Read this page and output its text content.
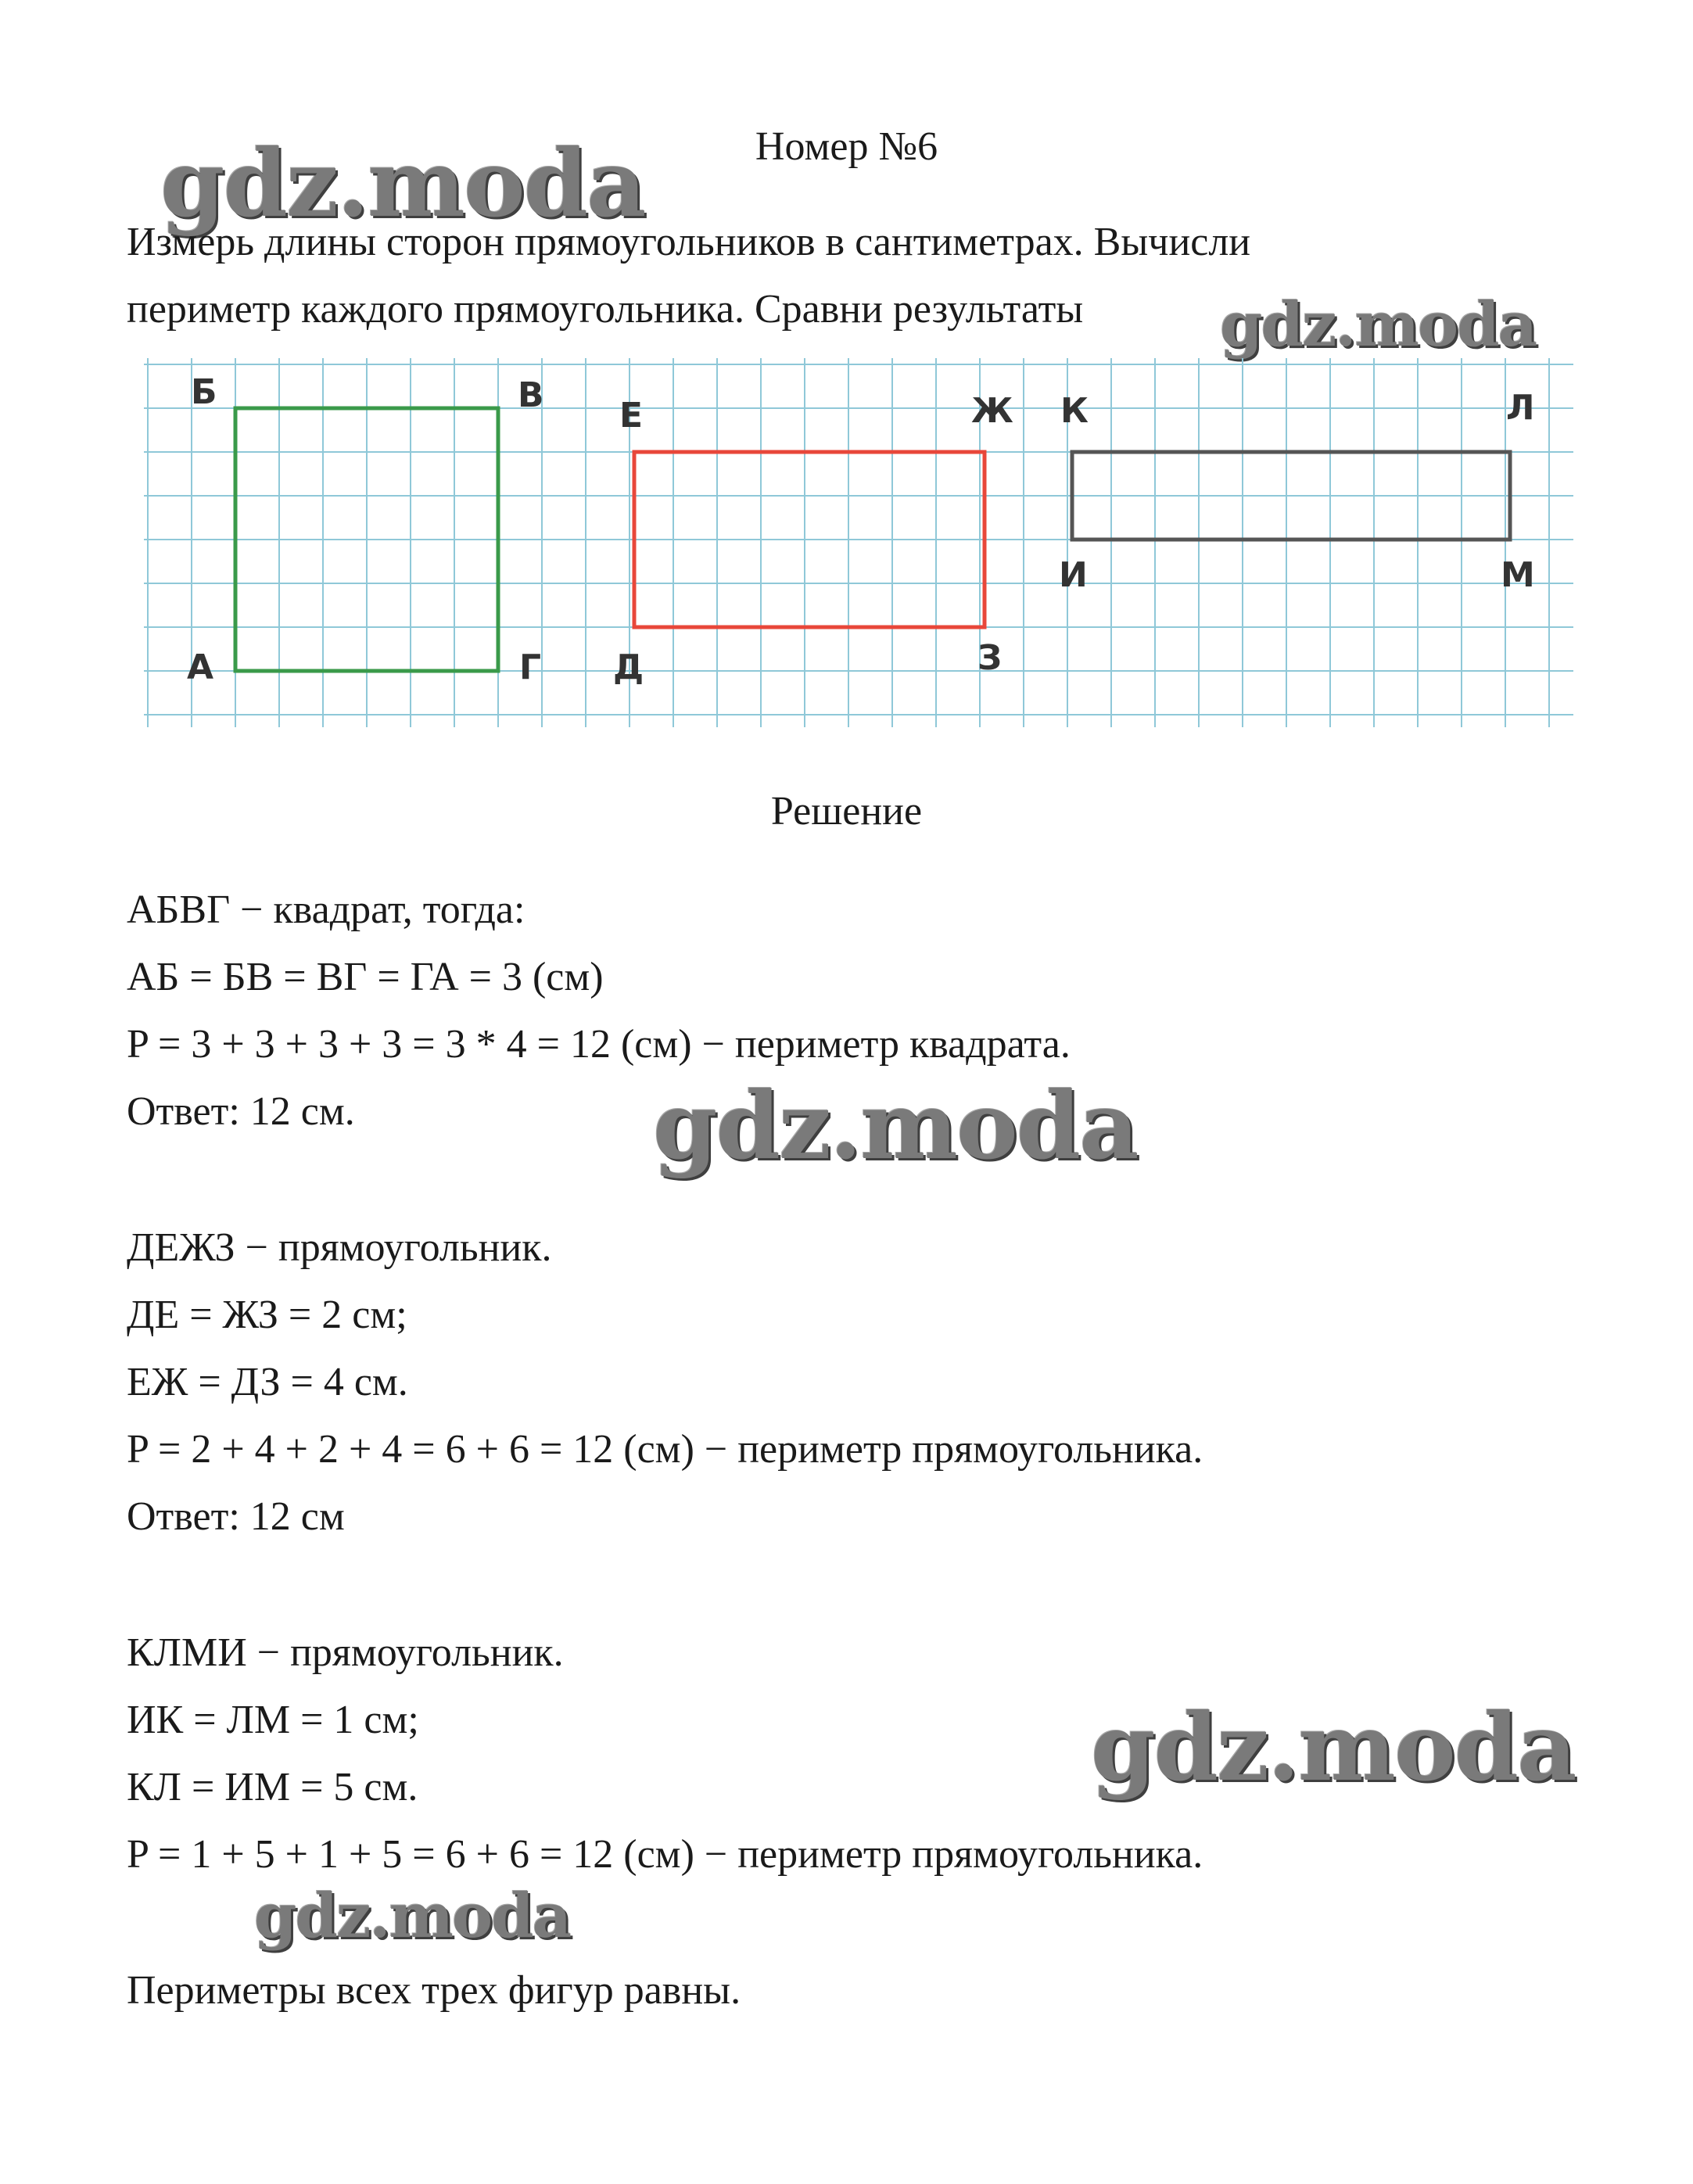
gdz.moda
gdz.moda
gdz.moda
gdz.moda
gdz.moda
Номер №6
Измерь длины сторон прямоугольников в сантиметрах. Вычисли
периметр каждого прямоугольника. Сравни результаты
Б	В
А	Г
Е	Ж
Д	З
К	Л
И	М
Решение
АБВГ − квадрат, тогда:
АБ = БВ = ВГ = ГА = 3 (см)
P = 3 + 3 + 3 + 3 = 3 * 4 = 12 (см) − периметр квадрата.
Ответ: 12 см.
ДЕЖЗ − прямоугольник.
ДЕ = ЖЗ = 2 см;
ЕЖ = ДЗ = 4 см.
P = 2 + 4 + 2 + 4 = 6 + 6 = 12 (см) − периметр прямоугольника.
Ответ: 12 см
КЛМИ − прямоугольник.
ИК = ЛМ = 1 см;
КЛ = ИМ = 5 см.
P = 1 + 5 + 1 + 5 = 6 + 6 = 12 (см) − периметр прямоугольника.
Периметры всех трех фигур равны.
